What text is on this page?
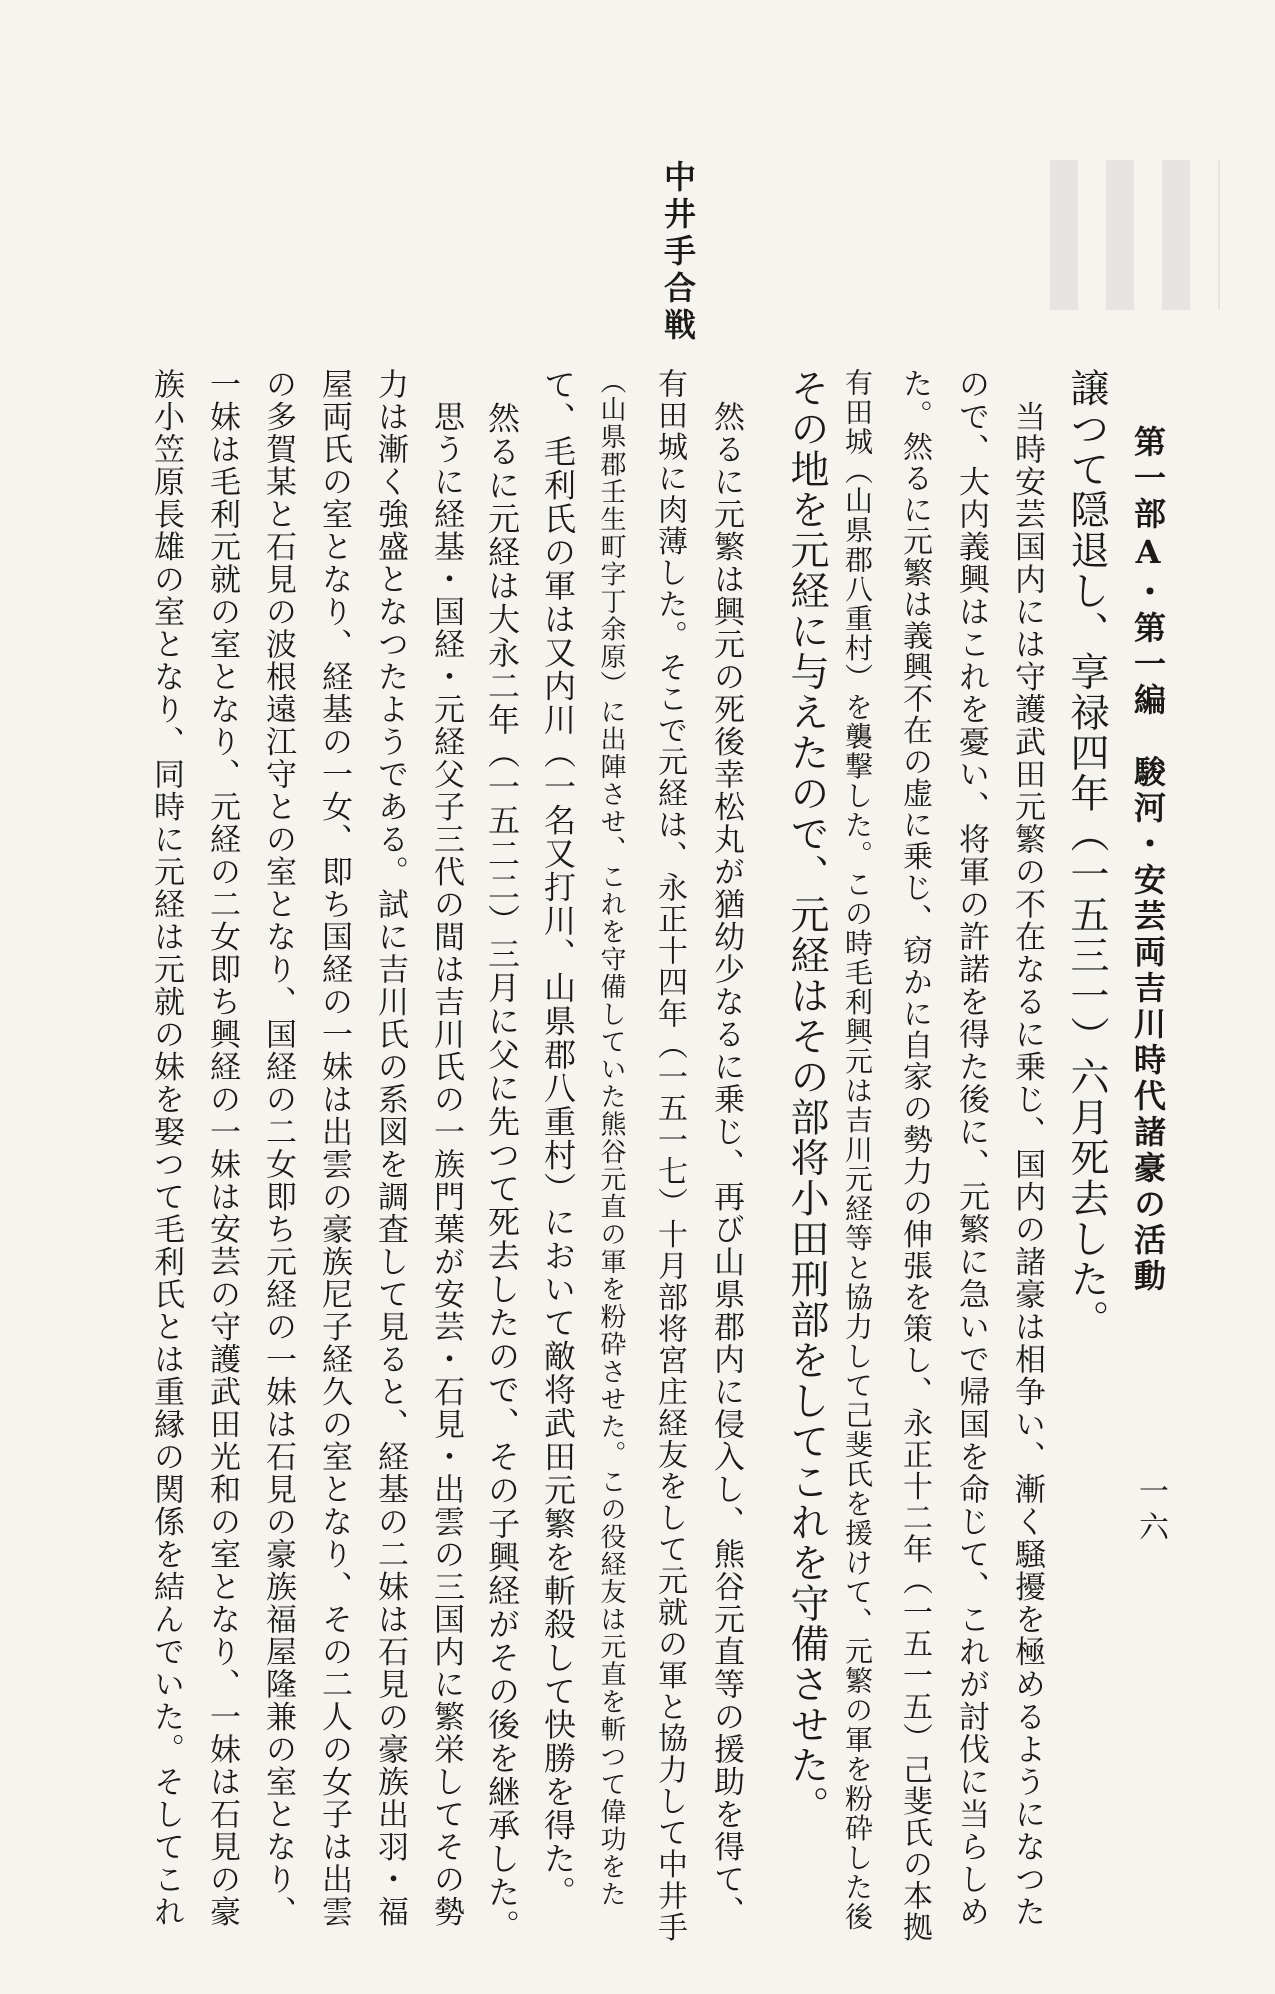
第一部A・第一編　駿河・安芸両吉川時代諸豪の活動
一六
中井手合戦
譲つて隠退し、享禄四年（一五三一）六月死去した。
　当時安芸国内には守護武田元繁の不在なるに乗じ、国内の諸豪は相争い、漸く騒擾を極めるようになつた
ので、大内義興はこれを憂い、将軍の許諾を得た後に、元繁に急いで帰国を命じて、これが討伐に当らしめ
た。然るに元繁は義興不在の虚に乗じ、窃かに自家の勢力の伸張を策し、永正十二年（一五一五）己斐氏の本拠
有田城（山県郡八重村）を襲撃した。この時毛利興元は吉川元経等と協力して己斐氏を援けて、元繁の軍を粉砕した後
その地を元経に与えたので、元経はその部将小田刑部をしてこれを守備させた。
　然るに元繁は興元の死後幸松丸が猶幼少なるに乗じ、再び山県郡内に侵入し、熊谷元直等の援助を得て、
有田城に肉薄した。そこで元経は、永正十四年（一五一七）十月部将宮庄経友をして元就の軍と協力して中井手
（山県郡壬生町字丁余原）に出陣させ、これを守備していた熊谷元直の軍を粉砕させた。この役経友は元直を斬つて偉功をた
て、毛利氏の軍は又内川（一名又打川、山県郡八重村）において敵将武田元繁を斬殺して快勝を得た。
　然るに元経は大永二年（一五二二）三月に父に先つて死去したので、その子興経がその後を継承した。
　思うに経基・国経・元経父子三代の間は吉川氏の一族門葉が安芸・石見・出雲の三国内に繁栄してその勢
力は漸く強盛となつたようである。試に吉川氏の系図を調査して見ると、経基の二妹は石見の豪族出羽・福
屋両氏の室となり、経基の一女、即ち国経の一妹は出雲の豪族尼子経久の室となり、その二人の女子は出雲
の多賀某と石見の波根遠江守との室となり、国経の二女即ち元経の一妹は石見の豪族福屋隆兼の室となり、
一妹は毛利元就の室となり、元経の二女即ち興経の一妹は安芸の守護武田光和の室となり、一妹は石見の豪
族小笠原長雄の室となり、同時に元経は元就の妹を娶つて毛利氏とは重縁の関係を結んでいた。そしてこれ
